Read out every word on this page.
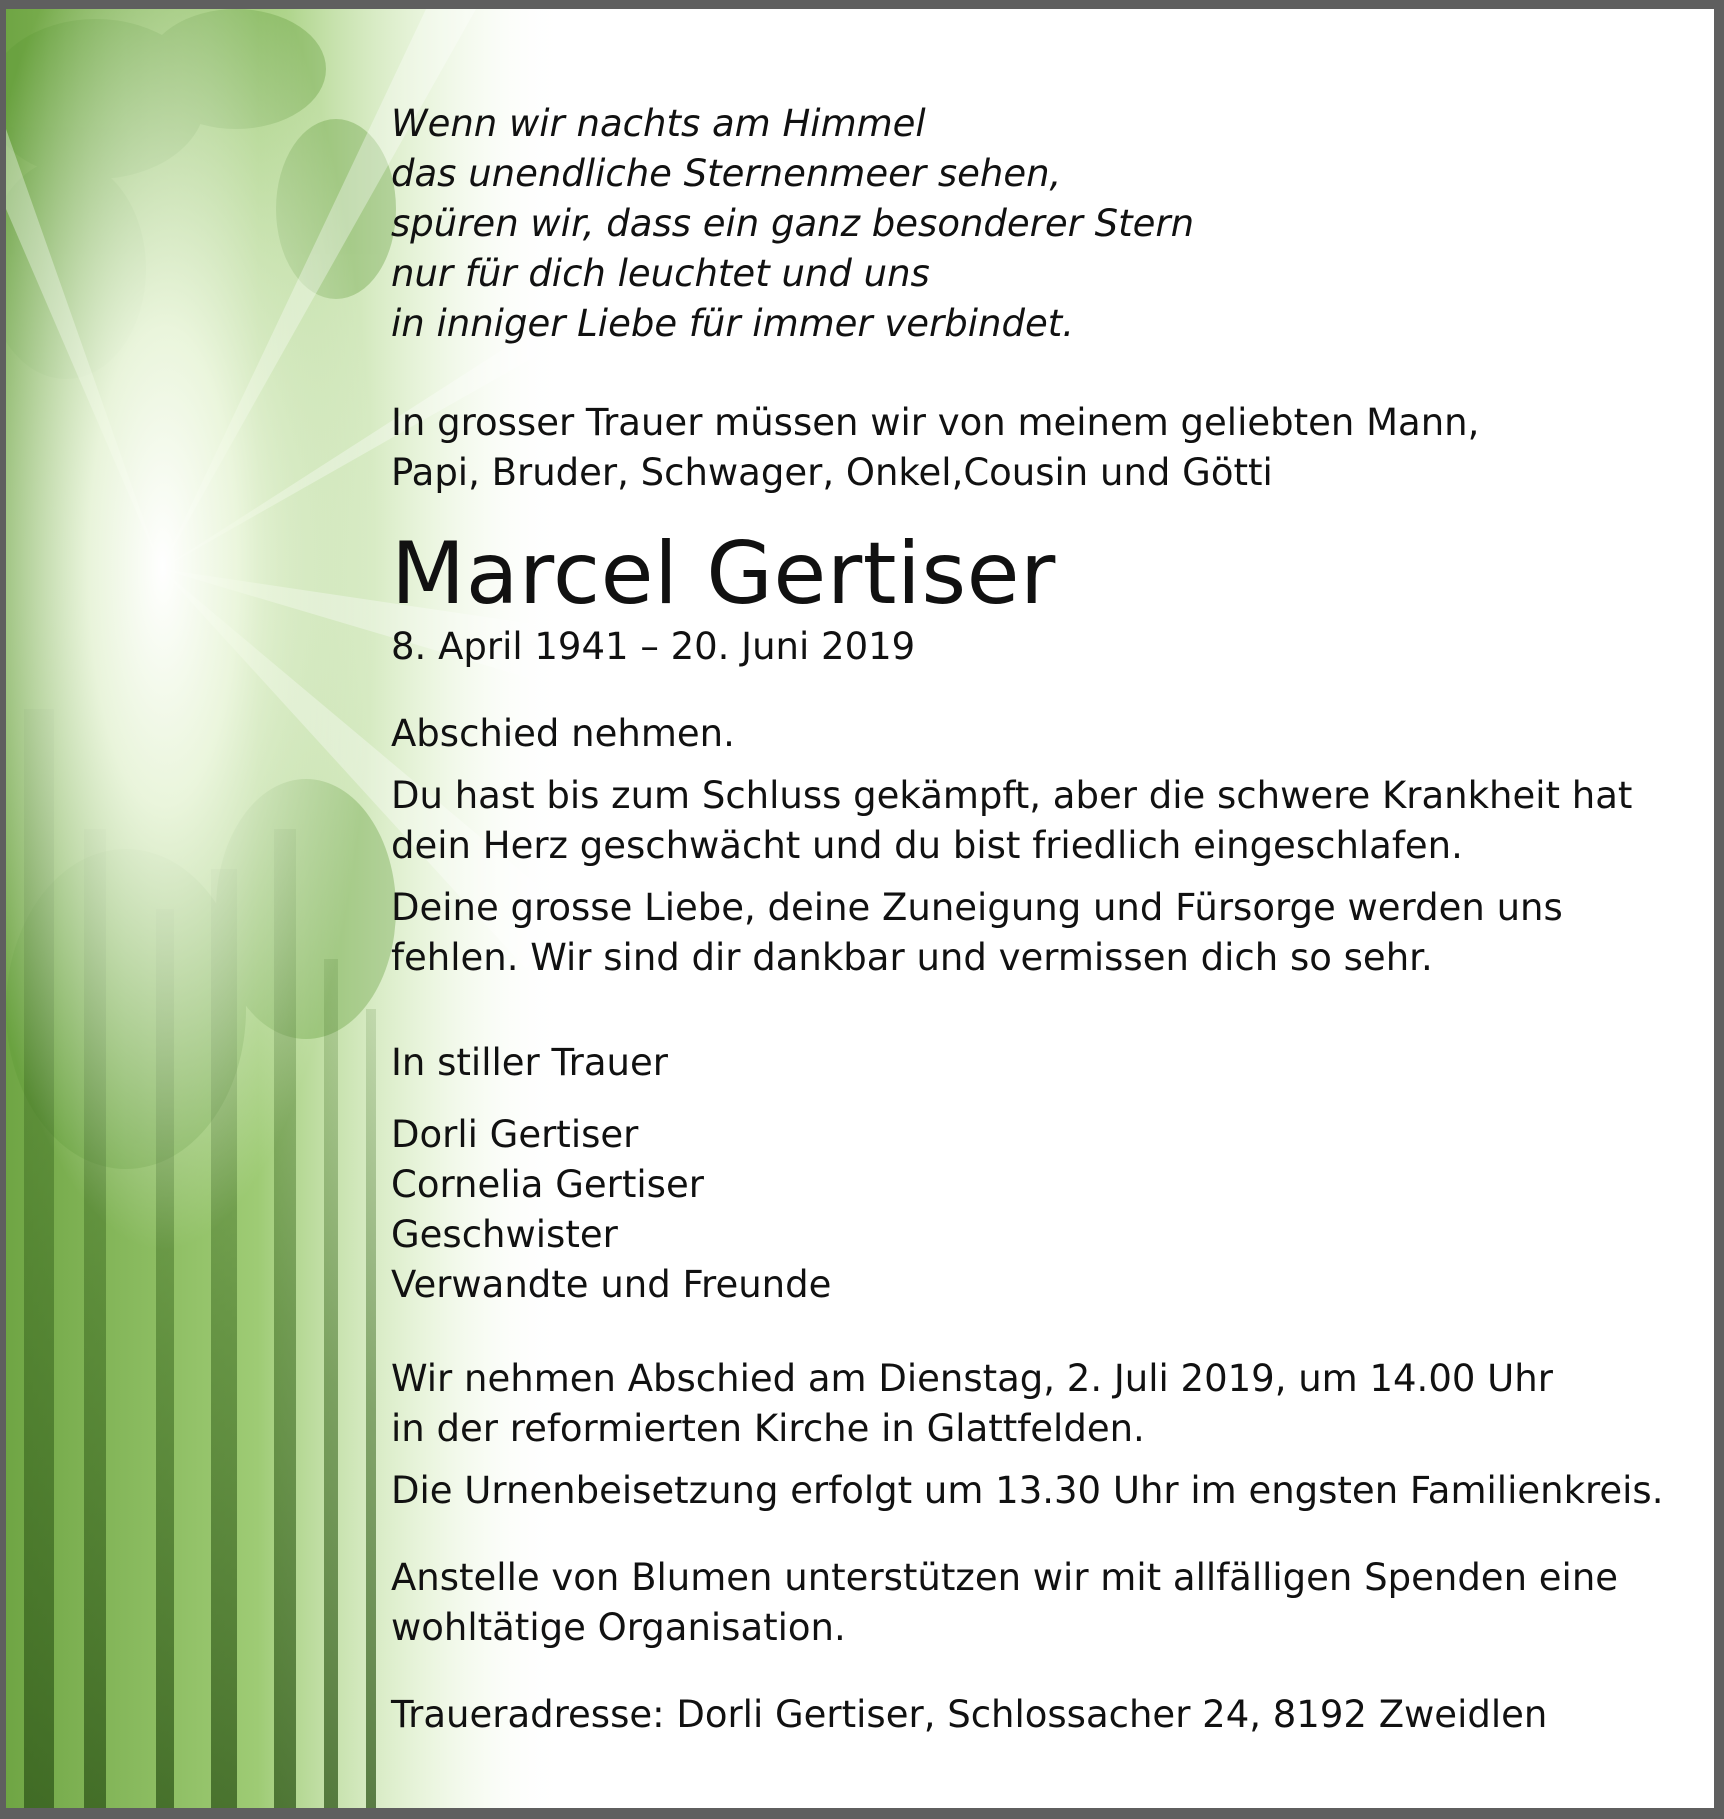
Wenn wir nachts am Himmel
das unendliche Sternenmeer sehen,
spüren wir, dass ein ganz besonderer Stern
nur für dich leuchtet und uns
in inniger Liebe für immer verbindet.

In grosser Trauer müssen wir von meinem geliebten Mann,
Papi, Bruder, Schwager, Onkel,Cousin und Götti

Marcel Gertiser

8. April 1941 – 20. Juni 2019

Abschied nehmen.

Du hast bis zum Schluss gekämpft, aber die schwere Krankheit hat
dein Herz geschwächt und du bist friedlich eingeschlafen.

Deine grosse Liebe, deine Zuneigung und Fürsorge werden uns
fehlen. Wir sind dir dankbar und vermissen dich so sehr.

In stiller Trauer

Dorli Gertiser
Cornelia Gertiser
Geschwister
Verwandte und Freunde

Wir nehmen Abschied am Dienstag, 2. Juli 2019, um 14.00 Uhr
in der reformierten Kirche in Glattfelden.

Die Urnenbeisetzung erfolgt um 13.30 Uhr im engsten Familienkreis.

Anstelle von Blumen unterstützen wir mit allfälligen Spenden eine
wohltätige Organisation.

Traueradresse: Dorli Gertiser, Schlossacher 24, 8192 Zweidlen
